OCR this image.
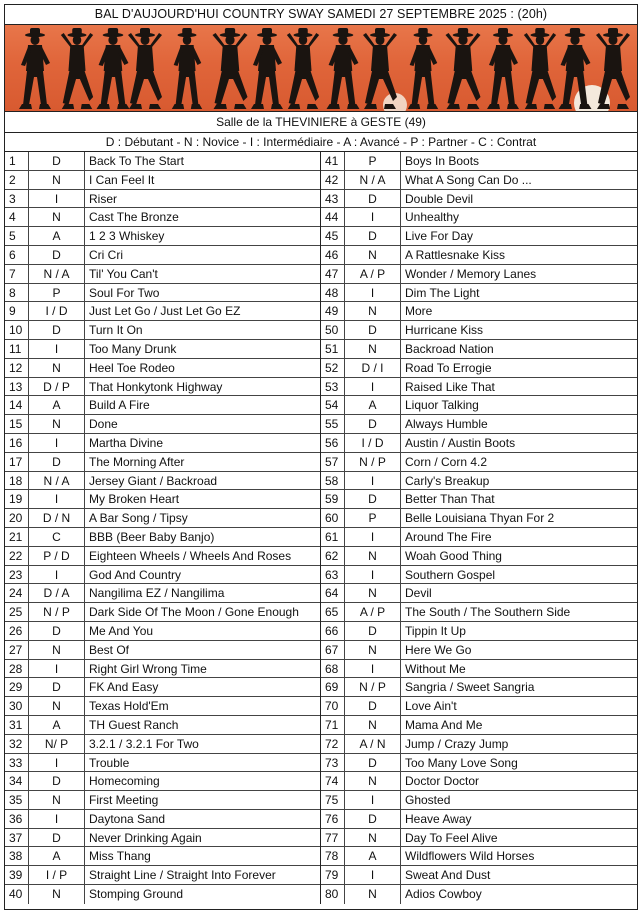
BAL D'AUJOURD'HUI COUNTRY SWAY SAMEDI 27 SEPTEMBRE 2025 : (20h)
Salle de la THEVINIERE à GESTE (49)
D : Débutant - N : Novice - I : Intermédiaire - A : Avancé - P : Partner - C : Contrat
1	D	Back To The Start
2	N	I Can Feel It
3	I	Riser
4	N	Cast The Bronze
5	A	1 2 3 Whiskey
6	D	Cri Cri
7	N / A	Til' You Can't
8	P	Soul For Two
9	I / D	Just Let Go / Just Let Go EZ
10	D	Turn It On
11	I	Too Many Drunk
12	N	Heel Toe Rodeo
13	D / P	That Honkytonk Highway
14	A	Build A Fire
15	N	Done
16	I	Martha Divine
17	D	The Morning After
18	N / A	Jersey Giant / Backroad
19	I	My Broken Heart
20	D / N	A Bar Song / Tipsy
21	C	BBB (Beer Baby Banjo)
22	P / D	Eighteen Wheels / Wheels And Roses
23	I	God And Country
24	D / A	Nangilima EZ / Nangilima
25	N / P	Dark Side Of The Moon / Gone Enough
26	D	Me And You
27	N	Best Of
28	I	Right Girl Wrong Time
29	D	FK And Easy
30	N	Texas Hold'Em
31	A	TH Guest Ranch
32	N/ P	3.2.1 / 3.2.1 For Two
33	I	Trouble
34	D	Homecoming
35	N	First Meeting
36	I	Daytona Sand
37	D	Never Drinking Again
38	A	Miss Thang
39	I / P	Straight Line / Straight Into Forever
40	N	Stomping Ground
41	P	Boys In Boots
42	N / A	What A Song Can Do ...
43	D	Double Devil
44	I	Unhealthy
45	D	Live For Day
46	N	A Rattlesnake Kiss
47	A / P	Wonder / Memory Lanes
48	I	Dim The Light
49	N	More
50	D	Hurricane Kiss
51	N	Backroad Nation
52	D / I	Road To Errogie
53	I	Raised Like That
54	A	Liquor Talking
55	D	Always Humble
56	I / D	Austin / Austin Boots
57	N / P	Corn / Corn 4.2
58	I	Carly's Breakup
59	D	Better Than That
60	P	Belle Louisiana Thyan For 2
61	I	Around The Fire
62	N	Woah Good Thing
63	I	Southern Gospel
64	N	Devil
65	A / P	The South / The Southern Side
66	D	Tippin It Up
67	N	Here We Go
68	I	Without Me
69	N / P	Sangria / Sweet Sangria
70	D	Love Ain't
71	N	Mama And Me
72	A / N	Jump / Crazy Jump
73	D	Too Many Love Song
74	N	Doctor Doctor
75	I	Ghosted
76	D	Heave Away
77	N	Day To Feel Alive
78	A	Wildflowers Wild Horses
79	I	Sweat And Dust
80	N	Adios Cowboy
